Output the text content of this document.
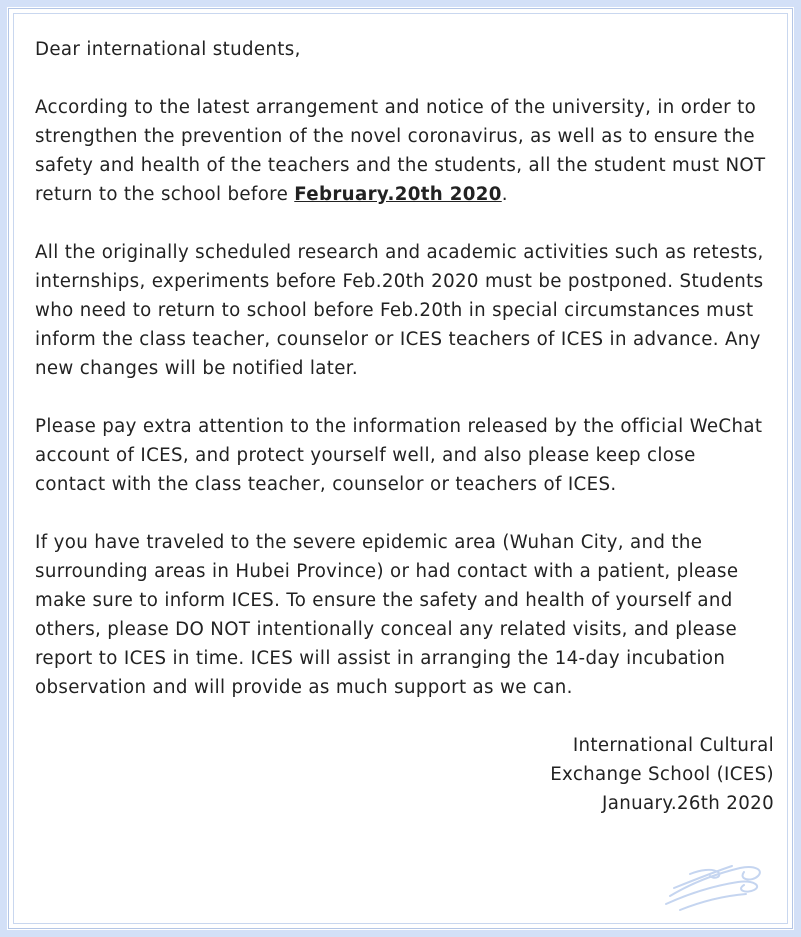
Dear international students,

According to the latest arrangement and notice of the university, in order to strengthen the prevention of the novel coronavirus, as well as to ensure the safety and health of the teachers and the students, all the student must NOT return to the school before February.20th 2020.

All the originally scheduled research and academic activities such as retests, internships, experiments before Feb.20th 2020 must be postponed. Students who need to return to school before Feb.20th in special circumstances must inform the class teacher, counselor or ICES teachers of ICES in advance. Any new changes will be notified later.

Please pay extra attention to the information released by the official WeChat account of ICES, and protect yourself well, and also please keep close contact with the class teacher, counselor or teachers of ICES.

If you have traveled to the severe epidemic area (Wuhan City, and the surrounding areas in Hubei Province) or had contact with a patient, please make sure to inform ICES. To ensure the safety and health of yourself and others, please DO NOT intentionally conceal any related visits, and please report to ICES in time. ICES will assist in arranging the 14-day incubation observation and will provide as much support as we can.

International Cultural
Exchange School (ICES)
January.26th 2020
